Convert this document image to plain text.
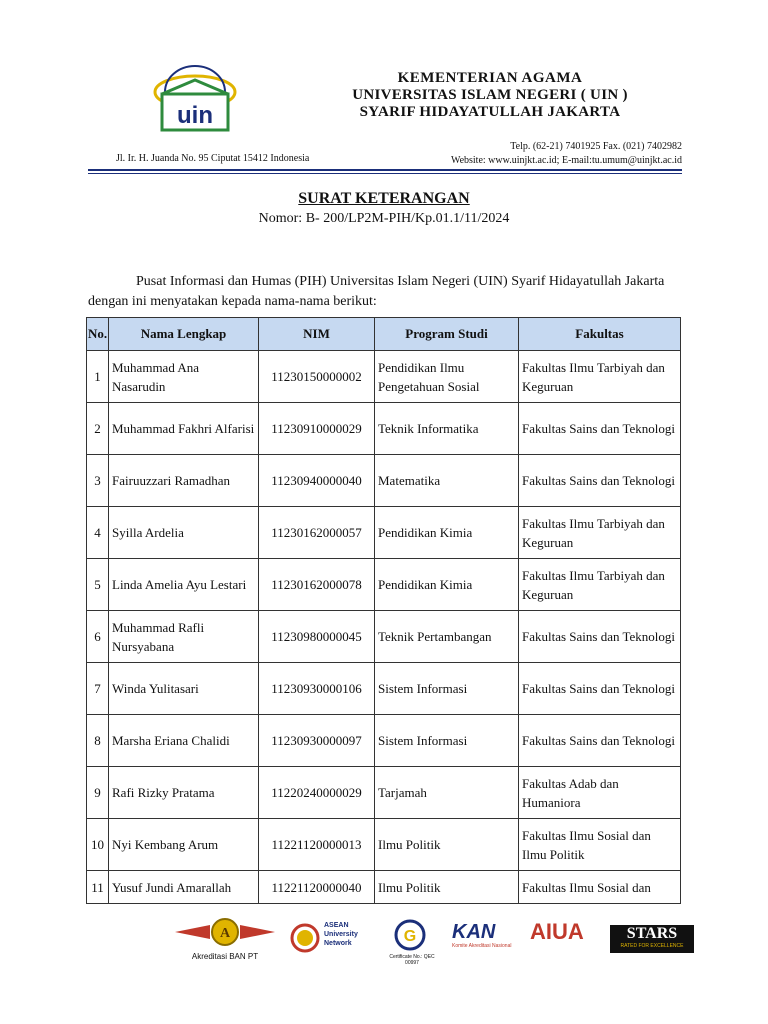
uin
KEMENTERIAN AGAMA
UNIVERSITAS ISLAM NEGERI ( UIN )
SYARIF HIDAYATULLAH JAKARTA
Jl. Ir. H. Juanda No. 95 Ciputat 15412 Indonesia
Telp. (62-21) 7401925 Fax. (021) 7402982
Website: www.uinjkt.ac.id; E-mail:tu.umum@uinjkt.ac.id
SURAT KETERANGAN
Nomor: B- 200/LP2M-PIH/Kp.01.1/11/2024
Pusat Informasi dan Humas (PIH) Universitas Islam Negeri (UIN) Syarif Hidayatullah Jakarta dengan ini menyatakan kepada nama-nama berikut:
No.	Nama Lengkap	NIM	Program Studi	Fakultas
1	Muhammad Ana Nasarudin	11230150000002	Pendidikan Ilmu Pengetahuan Sosial	Fakultas Ilmu Tarbiyah dan Keguruan
2	Muhammad Fakhri Alfarisi	11230910000029	Teknik Informatika	Fakultas Sains dan Teknologi
3	Fairuuzzari Ramadhan	11230940000040	Matematika	Fakultas Sains dan Teknologi
4	Syilla Ardelia	11230162000057	Pendidikan Kimia	Fakultas Ilmu Tarbiyah dan Keguruan
5	Linda Amelia Ayu Lestari	11230162000078	Pendidikan Kimia	Fakultas Ilmu Tarbiyah dan Keguruan
6	Muhammad Rafli Nursyabana	11230980000045	Teknik Pertambangan	Fakultas Sains dan Teknologi
7	Winda Yulitasari	11230930000106	Sistem Informasi	Fakultas Sains dan Teknologi
8	Marsha Eriana Chalidi	11230930000097	Sistem Informasi	Fakultas Sains dan Teknologi
9	Rafi Rizky Pratama	11220240000029	Tarjamah	Fakultas Adab dan Humaniora
10	Nyi Kembang Arum	11221120000013	Ilmu Politik	Fakultas Ilmu Sosial dan Ilmu Politik
11	Yusuf Jundi Amarallah	11221120000040	Ilmu Politik	Fakultas Ilmu Sosial dan
A
Akreditasi BAN PT
ASEAN University Network	G
Certificate No.: QEC 00997
KAN
Komite Akreditasi Nasional
AIUA	STARS
RATED FOR EXCELLENCE
